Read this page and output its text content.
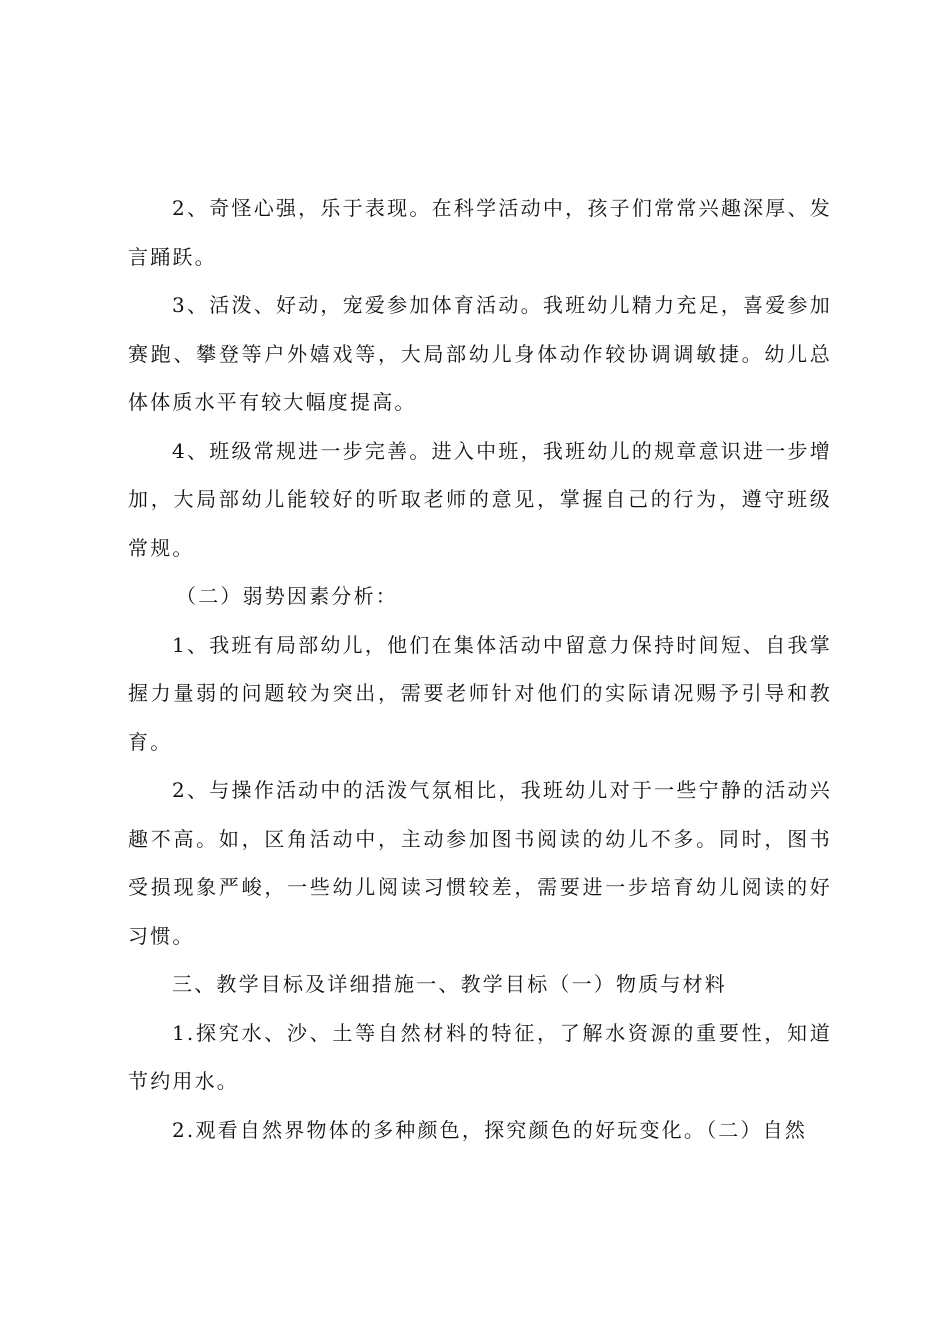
2、奇怪心强，乐于表现。在科学活动中，孩子们常常兴趣深厚、发言踊跃。

3、活泼、好动，宠爱参加体育活动。我班幼儿精力充足，喜爱参加赛跑、攀登等户外嬉戏等，大局部幼儿身体动作较协调调敏捷。幼儿总体体质水平有较大幅度提高。

4、班级常规进一步完善。进入中班，我班幼儿的规章意识进一步增加，大局部幼儿能较好的听取老师的意见，掌握自己的行为，遵守班级常规。

（二）弱势因素分析：

1、我班有局部幼儿，他们在集体活动中留意力保持时间短、自我掌握力量弱的问题较为突出，需要老师针对他们的实际请况赐予引导和教育。

2、与操作活动中的活泼气氛相比，我班幼儿对于一些宁静的活动兴趣不高。如，区角活动中，主动参加图书阅读的幼儿不多。同时，图书受损现象严峻，一些幼儿阅读习惯较差，需要进一步培育幼儿阅读的好习惯。

三、教学目标及详细措施一、教学目标（一）物质与材料

1.探究水、沙、土等自然材料的特征，了解水资源的重要性，知道节约用水。

2.观看自然界物体的多种颜色，探究颜色的好玩变化。（二）自然
